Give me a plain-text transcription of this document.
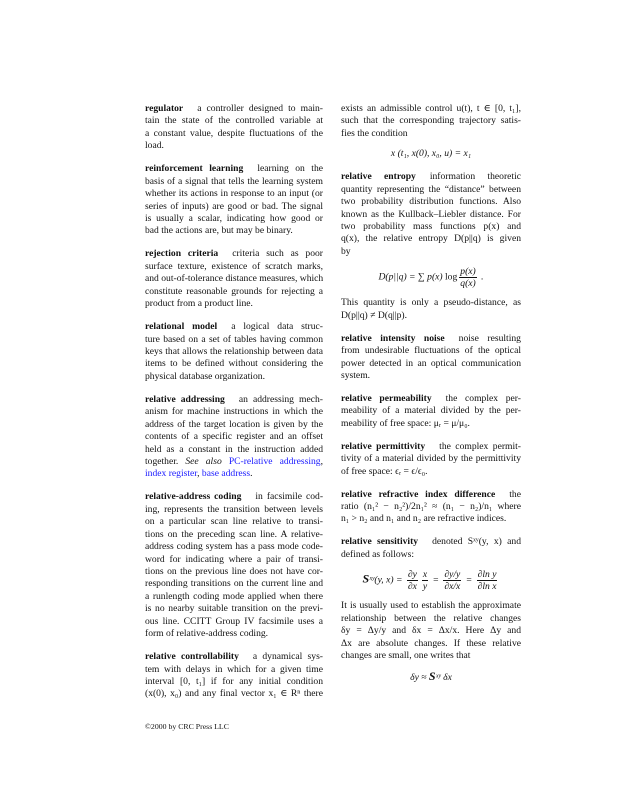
regulator a controller designed to main-
tain the state of the controlled variable at
a constant value, despite fluctuations of the
load.
reinforcement learning learning on the
basis of a signal that tells the learning system
whether its actions in response to an input (or
series of inputs) are good or bad. The signal
is usually a scalar, indicating how good or
bad the actions are, but may be binary.
rejection criteria criteria such as poor
surface texture, existence of scratch marks,
and out-of-tolerance distance measures, which
constitute reasonable grounds for rejecting a
product from a product line.
relational model a logical data struc-
ture based on a set of tables having common
keys that allows the relationship between data
items to be defined without considering the
physical database organization.
relative addressing an addressing mech-
anism for machine instructions in which the
address of the target location is given by the
contents of a specific register and an offset
held as a constant in the instruction added
together. See also PC-relative addressing,
index register, base address.
relative-address coding in facsimile cod-
ing, represents the transition between levels
on a particular scan line relative to transi-
tions on the preceding scan line. A relative-
address coding system has a pass mode code-
word for indicating where a pair of transi-
tions on the previous line does not have cor-
responding transitions on the current line and
a runlength coding mode applied when there
is no nearby suitable transition on the previ-
ous line. CCITT Group IV facsimile uses a
form of relative-address coding.
relative controllability a dynamical sys-
tem with delays in which for a given time
interval [0, t₁] if for any initial condition
(x(0), x₀) and any final vector x₁ ∈ Rⁿ there
exists an admissible control u(t), t ∈ [0, t₁],
such that the corresponding trajectory satis-
fies the condition
x (t₁, x(0), x₀, u) = x₁
relative entropy information theoretic
quantity representing the “distance” between
two probability distribution functions. Also
known as the Kullback–Liebler distance. For
two probability mass functions p(x) and
q(x), the relative entropy D(p||q) is given
by
D(p||q) = ∑ p(x) $\log \frac{p(x)}{q(x)}$ .
This quantity is only a pseudo-distance, as
D(p||q) ≠ D(q||p).
relative intensity noise noise resulting
from undesirable fluctuations of the optical
power detected in an optical communication
system.
relative permeability the complex per-
meability of a material divided by the per-
meability of free space: μᵣ = μ/μ₀.
relative permittivity the complex permit-
tivity of a material divided by the permittivity
of free space: ϵᵣ = ϵ/ϵ₀.
relative refractive index difference the
ratio (n₁² − n₂²)/2n₁² ≈ (n₁ − n₂)/n₁ where
n₁ > n₂ and n₁ and n₂ are refractive indices.
relative sensitivity denoted Sˣʸ(y, x) and
defined as follows:
Sˣʸ(y, $x) = \frac{\partial y}{\partial x} \frac{x}{y} = \frac{\partial y/y}{\partial x/x} = \frac{\text{∂ln y}}{\text{∂ln x}}$
It is usually used to establish the approximate
relationship between the relative changes
δy = Δy/y and δx = Δx/x. Here Δy and
Δx are absolute changes. If these relative
changes are small, one writes that
δy ≈ Sˣʸ δx
©2000 by CRC Press LLC
